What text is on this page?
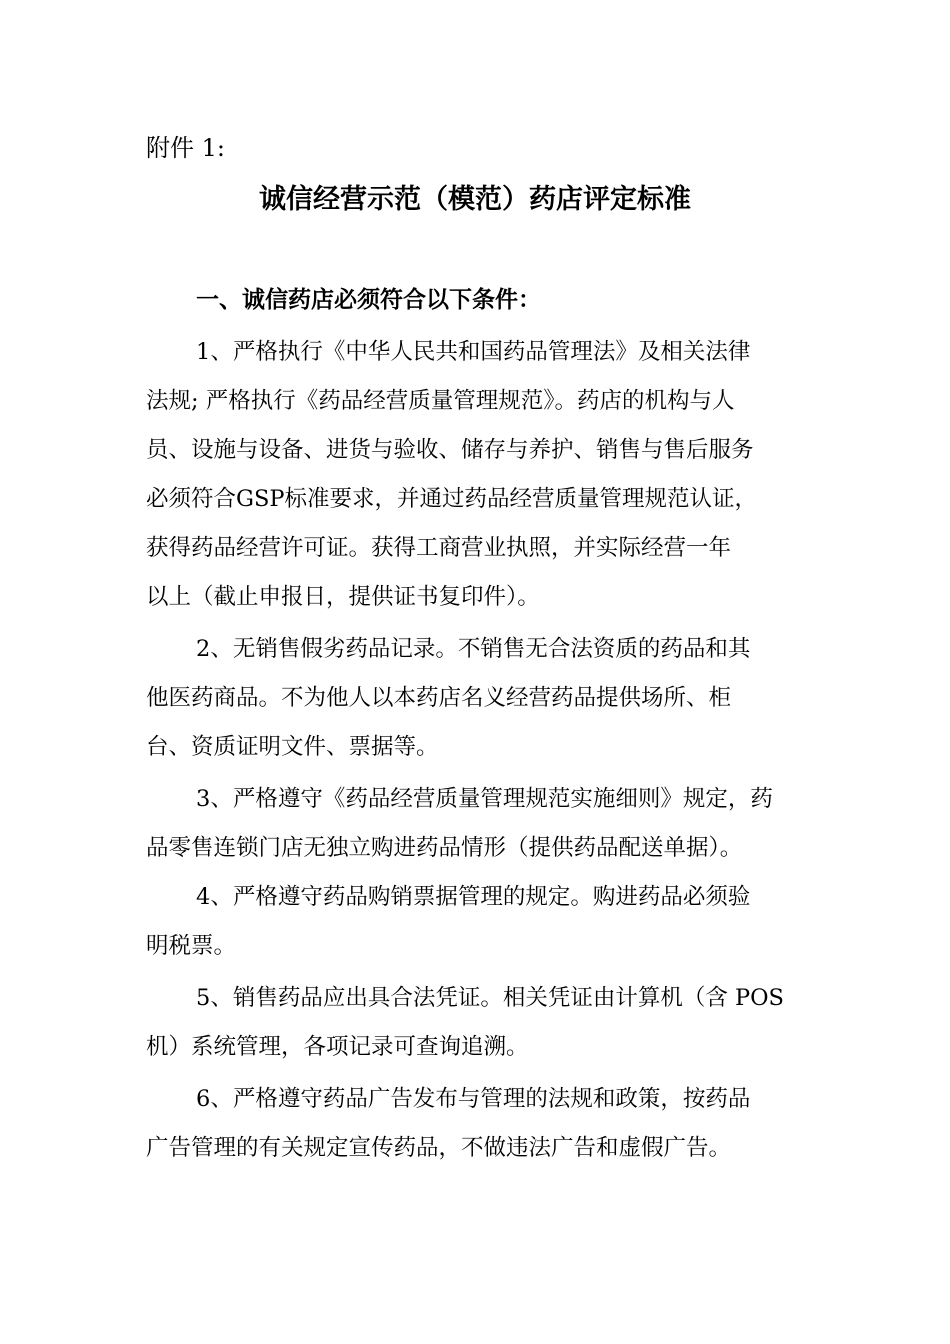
附件 1:
诚信经营示范（模范）药店评定标准
一、诚信药店必须符合以下条件：
1、严格执行《中华人民共和国药品管理法》及相关法律
法规; 严格执行《药品经营质量管理规范》。药店的机构与人
员、设施与设备、进货与验收、储存与养护、销售与售后服务
必须符合GSP标准要求，并通过药品经营质量管理规范认证，
获得药品经营许可证。获得工商营业执照，并实际经营一年
以上（截止申报日，提供证书复印件）。
2、无销售假劣药品记录。不销售无合法资质的药品和其
他医药商品。不为他人以本药店名义经营药品提供场所、柜
台、资质证明文件、票据等。
3、严格遵守《药品经营质量管理规范实施细则》规定，药
品零售连锁门店无独立购进药品情形（提供药品配送单据）。
4、严格遵守药品购销票据管理的规定。购进药品必须验
明税票。
5、销售药品应出具合法凭证。相关凭证由计算机（含 POS
机）系统管理，各项记录可查询追溯。
6、严格遵守药品广告发布与管理的法规和政策，按药品
广告管理的有关规定宣传药品，不做违法广告和虚假广告。
